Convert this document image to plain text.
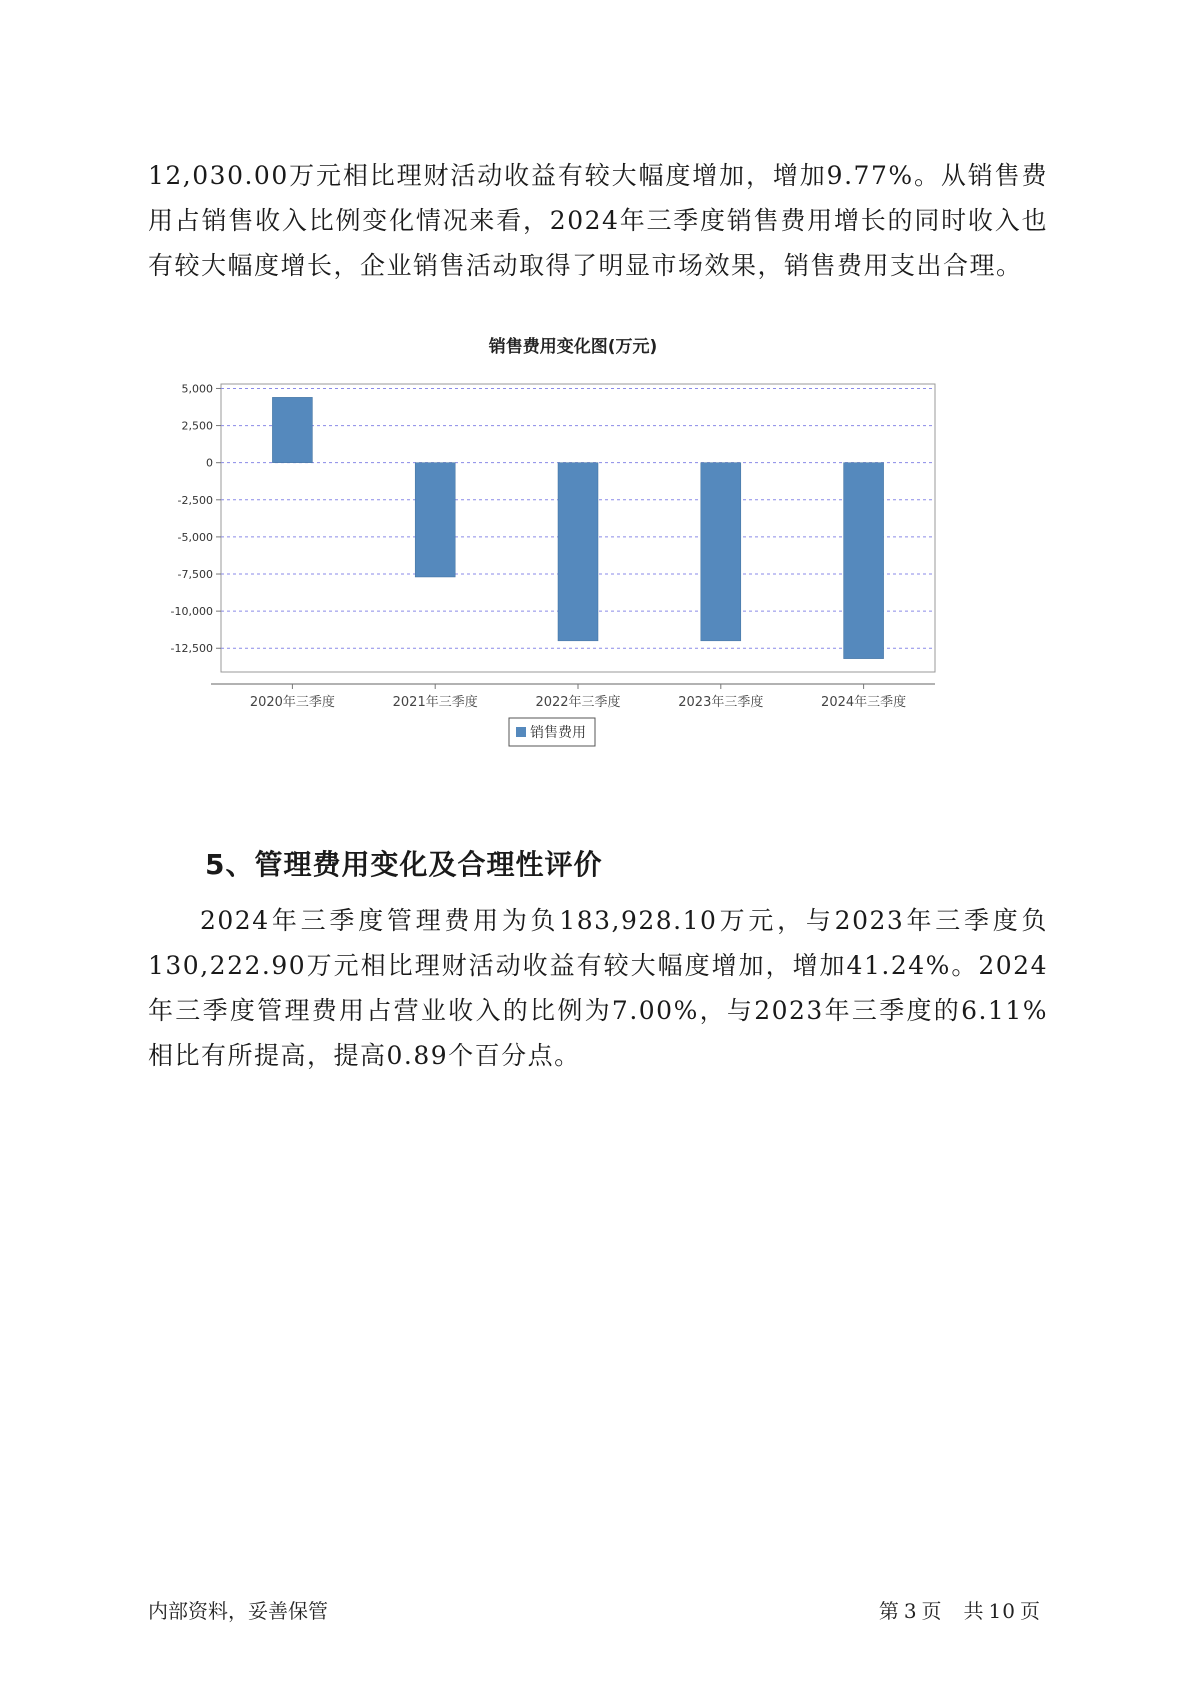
12,030.00万元相比理财活动收益有较大幅度增加，增加9.77%。从销售费用占销售收入比例变化情况来看，2024年三季度销售费用增长的同时收入也有较大幅度增长，企业销售活动取得了明显市场效果，销售费用支出合理。

销售费用变化图(万元)
5,000
2,500
0
-2,500
-5,000
-7,500
-10,000
-12,500
2020年三季度	2021年三季度	2022年三季度	2023年三季度	2024年三季度
销售费用
5、管理费用变化及合理性评价

2024年三季度管理费用为负183,928.10万元，与2023年三季度负130,222.90万元相比理财活动收益有较大幅度增加，增加41.24%。2024年三季度管理费用占营业收入的比例为7.00%，与2023年三季度的6.11%相比有所提高，提高0.89个百分点。

内部资料，妥善保管	第 3 页　共 10 页
